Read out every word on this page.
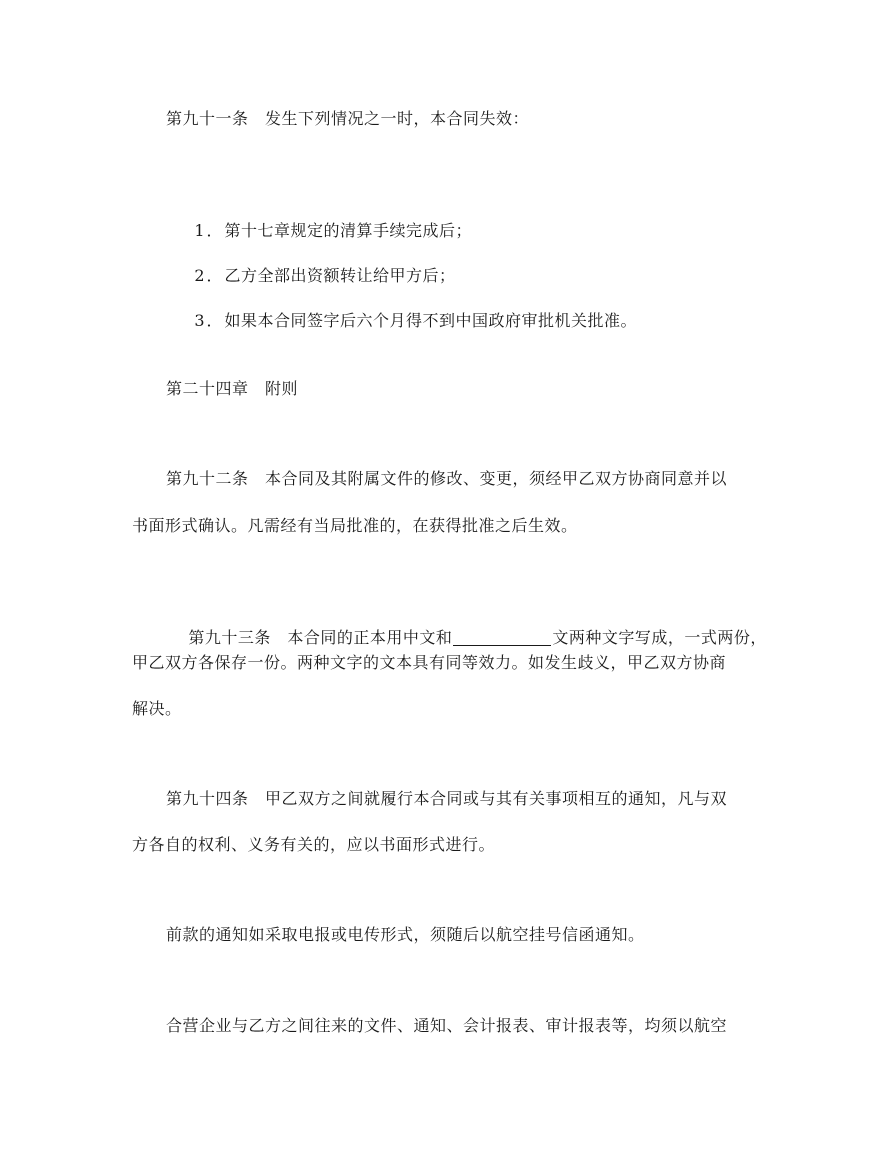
第九十一条　发生下列情况之一时，本合同失效：

1．第十七章规定的清算手续完成后；

2．乙方全部出资额转让给甲方后；

3．如果本合同签字后六个月得不到中国政府审批机关批准。

第二十四章　附则
第九十二条　本合同及其附属文件的修改、变更，须经甲乙双方协商同意并以
书面形式确认。凡需经有当局批准的，在获得批准之后生效。

第九十三条　本合同的正本用中文和	文两种文字写成，一式两份，

甲乙双方各保存一份。两种文字的文本具有同等效力。如发生歧义，甲乙双方协商
解决。
第九十四条　甲乙双方之间就履行本合同或与其有关事项相互的通知，凡与双
方各自的权利、义务有关的，应以书面形式进行。
前款的通知如采取电报或电传形式，须随后以航空挂号信函通知。
合营企业与乙方之间往来的文件、通知、会计报表、审计报表等，均须以航空
